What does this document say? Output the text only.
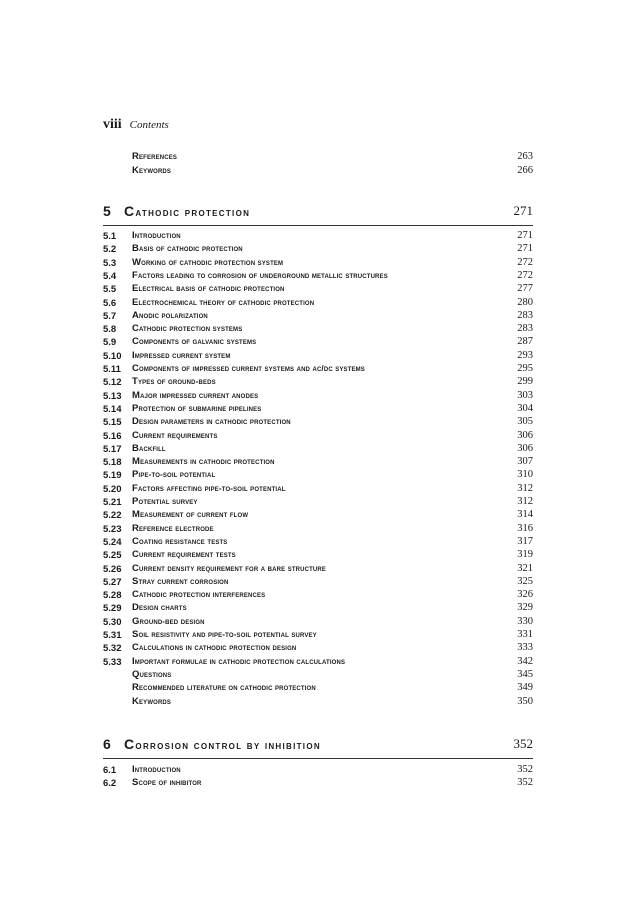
viii Contents
References	263
Keywords	266
5 cathodic protection	271
5.1 introduction	271
5.2 basis of cathodic protection	271
5.3 working of cathodic protection system	272
5.4 factors leading to corrosion of underground metallic structures	272
5.5 electrical basis of cathodic protection	277
5.6 electrochemical theory of cathodic protection	280
5.7 anodic polarization	283
5.8 cathodic protection systems	283
5.9 components of galvanic systems	287
5.10 impressed current system	293
5.11 components of impressed current systems and ac/dc systems	295
5.12 types of ground-beds	299
5.13 major impressed current anodes	303
5.14 protection of submarine pipelines	304
5.15 design parameters in cathodic protection	305
5.16 current requirements	306
5.17 backfill	306
5.18 measurements in cathodic protection	307
5.19 pipe-to-soil potential	310
5.20 factors affecting pipe-to-soil potential	312
5.21 potential survey	312
5.22 measurement of current flow	314
5.23 reference electrode	316
5.24 coating resistance tests	317
5.25 current requirement tests	319
5.26 current density requirement for a bare structure	321
5.27 stray current corrosion	325
5.28 cathodic protection interferences	326
5.29 design charts	329
5.30 ground-bed design	330
5.31 soil resistivity and pipe-to-soil potential survey	331
5.32 calculations in cathodic protection design	333
5.33 important formulae in cathodic protection calculations	342
Questions	345
Recommended literature on cathodic protection	349
Keywords	350
6 corrosion control by inhibition	352
6.1 introduction	352
6.2 scope of inhibitor	352
